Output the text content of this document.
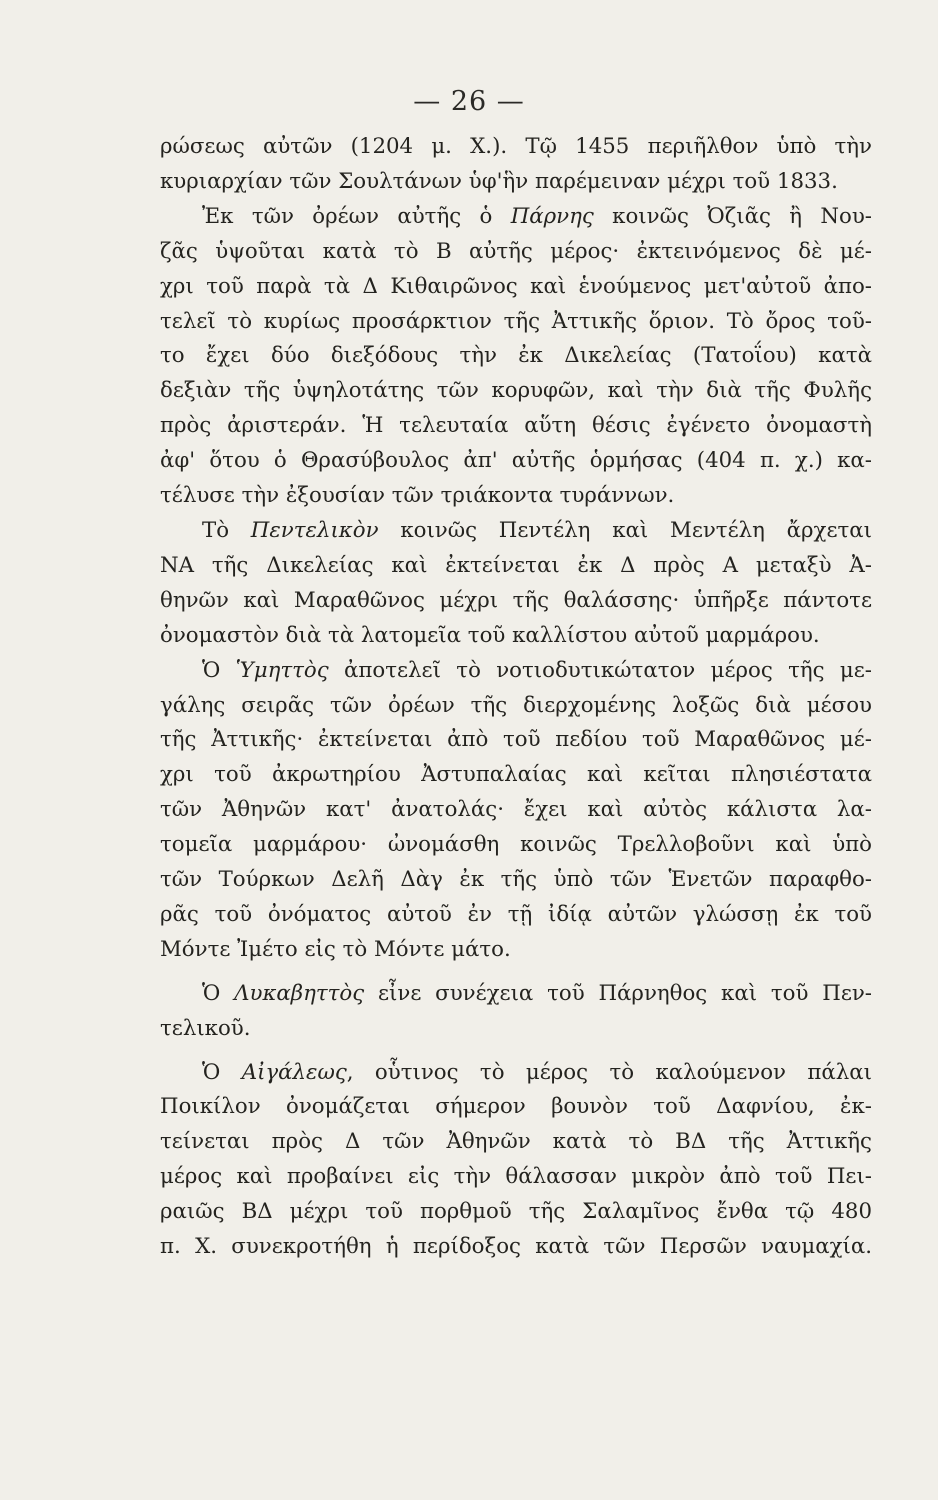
— 26 —
ρώσεως αὐτῶν (1204 μ. Χ.). Τῷ 1455 περιῆλθον ὑπὸ τὴν
κυριαρχίαν τῶν Σουλτάνων ὑφ'ἣν παρέμειναν μέχρι τοῦ 1833.
Ἐκ τῶν ὀρέων αὐτῆς ὁ Πάρνης κοινῶς Ὀζιᾶς ἢ Νου-
ζᾶς ὑψοῦται κατὰ τὸ Β αὐτῆς μέρος· ἐκτεινόμενος δὲ μέ-
χρι τοῦ παρὰ τὰ Δ Κιθαιρῶνος καὶ ἑνούμενος μετ'αὐτοῦ ἀπο-
τελεῖ τὸ κυρίως προσάρκτιον τῆς Ἀττικῆς ὅριον. Τὸ ὄρος τοῦ-
το ἔχει δύο διεξόδους τὴν ἐκ Δικελείας (Τατοΐου) κατὰ
δεξιὰν τῆς ὑψηλοτάτης τῶν κορυφῶν, καὶ τὴν διὰ τῆς Φυλῆς
πρὸς ἀριστεράν. Ἡ τελευταία αὕτη θέσις ἐγένετο ὀνομαστὴ
ἀφ' ὅτου ὁ Θρασύβουλος ἀπ' αὐτῆς ὁρμήσας (404 π. χ.) κα-
τέλυσε τὴν ἐξουσίαν τῶν τριάκοντα τυράννων.
Τὸ Πεντελικὸν κοινῶς Πεντέλη καὶ Μεντέλη ἄρχεται
ΝΑ τῆς Δικελείας καὶ ἐκτείνεται ἐκ Δ πρὸς Α μεταξὺ Ἀ-
θηνῶν καὶ Μαραθῶνος μέχρι τῆς θαλάσσης· ὑπῆρξε πάντοτε
ὀνομαστὸν διὰ τὰ λατομεῖα τοῦ καλλίστου αὐτοῦ μαρμάρου.
Ὁ Ὑμηττὸς ἀποτελεῖ τὸ νοτιοδυτικώτατον μέρος τῆς με-
γάλης σειρᾶς τῶν ὀρέων τῆς διερχομένης λοξῶς διὰ μέσου
τῆς Ἀττικῆς· ἐκτείνεται ἀπὸ τοῦ πεδίου τοῦ Μαραθῶνος μέ-
χρι τοῦ ἀκρωτηρίου Ἀστυπαλαίας καὶ κεῖται πλησιέστατα
τῶν Ἀθηνῶν κατ' ἀνατολάς· ἔχει καὶ αὐτὸς κάλιστα λα-
τομεῖα μαρμάρου· ὠνομάσθη κοινῶς Τρελλοβοῦνι καὶ ὑπὸ
τῶν Τούρκων Δελῆ Δὰγ ἐκ τῆς ὑπὸ τῶν Ἑνετῶν παραφθο-
ρᾶς τοῦ ὀνόματος αὐτοῦ ἐν τῇ ἰδίᾳ αὐτῶν γλώσσῃ ἐκ τοῦ
Μόντε Ἰμέτο εἰς τὸ Μόντε μάτο.
Ὁ Λυκαβηττὸς εἶνε συνέχεια τοῦ Πάρνηθος καὶ τοῦ Πεν-
τελικοῦ.
Ὁ Αἰγάλεως, οὗτινος τὸ μέρος τὸ καλούμενον πάλαι
Ποικίλον ὀνομάζεται σήμερον βουνὸν τοῦ Δαφνίου, ἐκ-
τείνεται πρὸς Δ τῶν Ἀθηνῶν κατὰ τὸ ΒΔ τῆς Ἀττικῆς
μέρος καὶ προβαίνει εἰς τὴν θάλασσαν μικρὸν ἀπὸ τοῦ Πει-
ραιῶς ΒΔ μέχρι τοῦ πορθμοῦ τῆς Σαλαμῖνος ἔνθα τῷ 480
π. Χ. συνεκροτήθη ἡ περίδοξος κατὰ τῶν Περσῶν ναυμαχία.
